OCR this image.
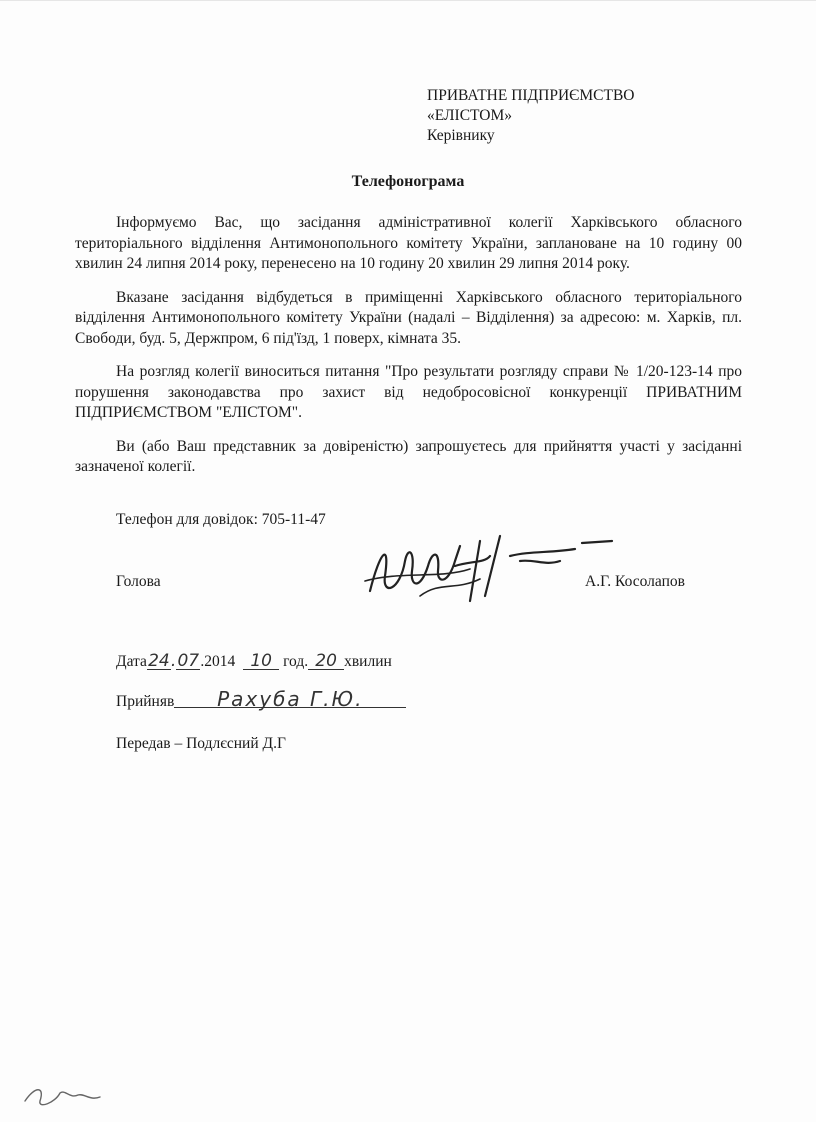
ПРИВАТНЕ ПІДПРИЄМСТВО
«ЕЛІСТОМ»
Керівнику
Телефонограма

Інформуємо Вас, що засідання адміністративної колегії Харківського обласного територіального відділення Антимонопольного комітету України, заплановане на 10 годину 00 хвилин 24 липня 2014 року, перенесено на 10 годину 20 хвилин 29 липня 2014 року.

Вказане засідання відбудеться в приміщенні Харківського обласного територіального відділення Антимонопольного комітету України (надалі – Відділення) за адресою: м. Харків, пл. Свободи, буд. 5, Держпром, 6 під'їзд, 1 поверх, кімната 35.

На розгляд колегії виноситься питання "Про результати розгляду справи № 1/20-123-14 про порушення законодавства про захист від недобросовісної конкуренції ПРИВАТНИМ ПІДПРИЄМСТВОМ "ЕЛІСТОМ".

Ви (або Ваш представник за довіреністю) запрошуєтесь для прийняття участі у засіданні зазначеної колегії.

Телефон для довідок: 705-11-47
Голова	А.Г. Косолапов
Дата24.07.2014 10 год. 20 хвилин
Прийняв Рахуба Г.Ю.
Передав – Подлєсний Д.Г
